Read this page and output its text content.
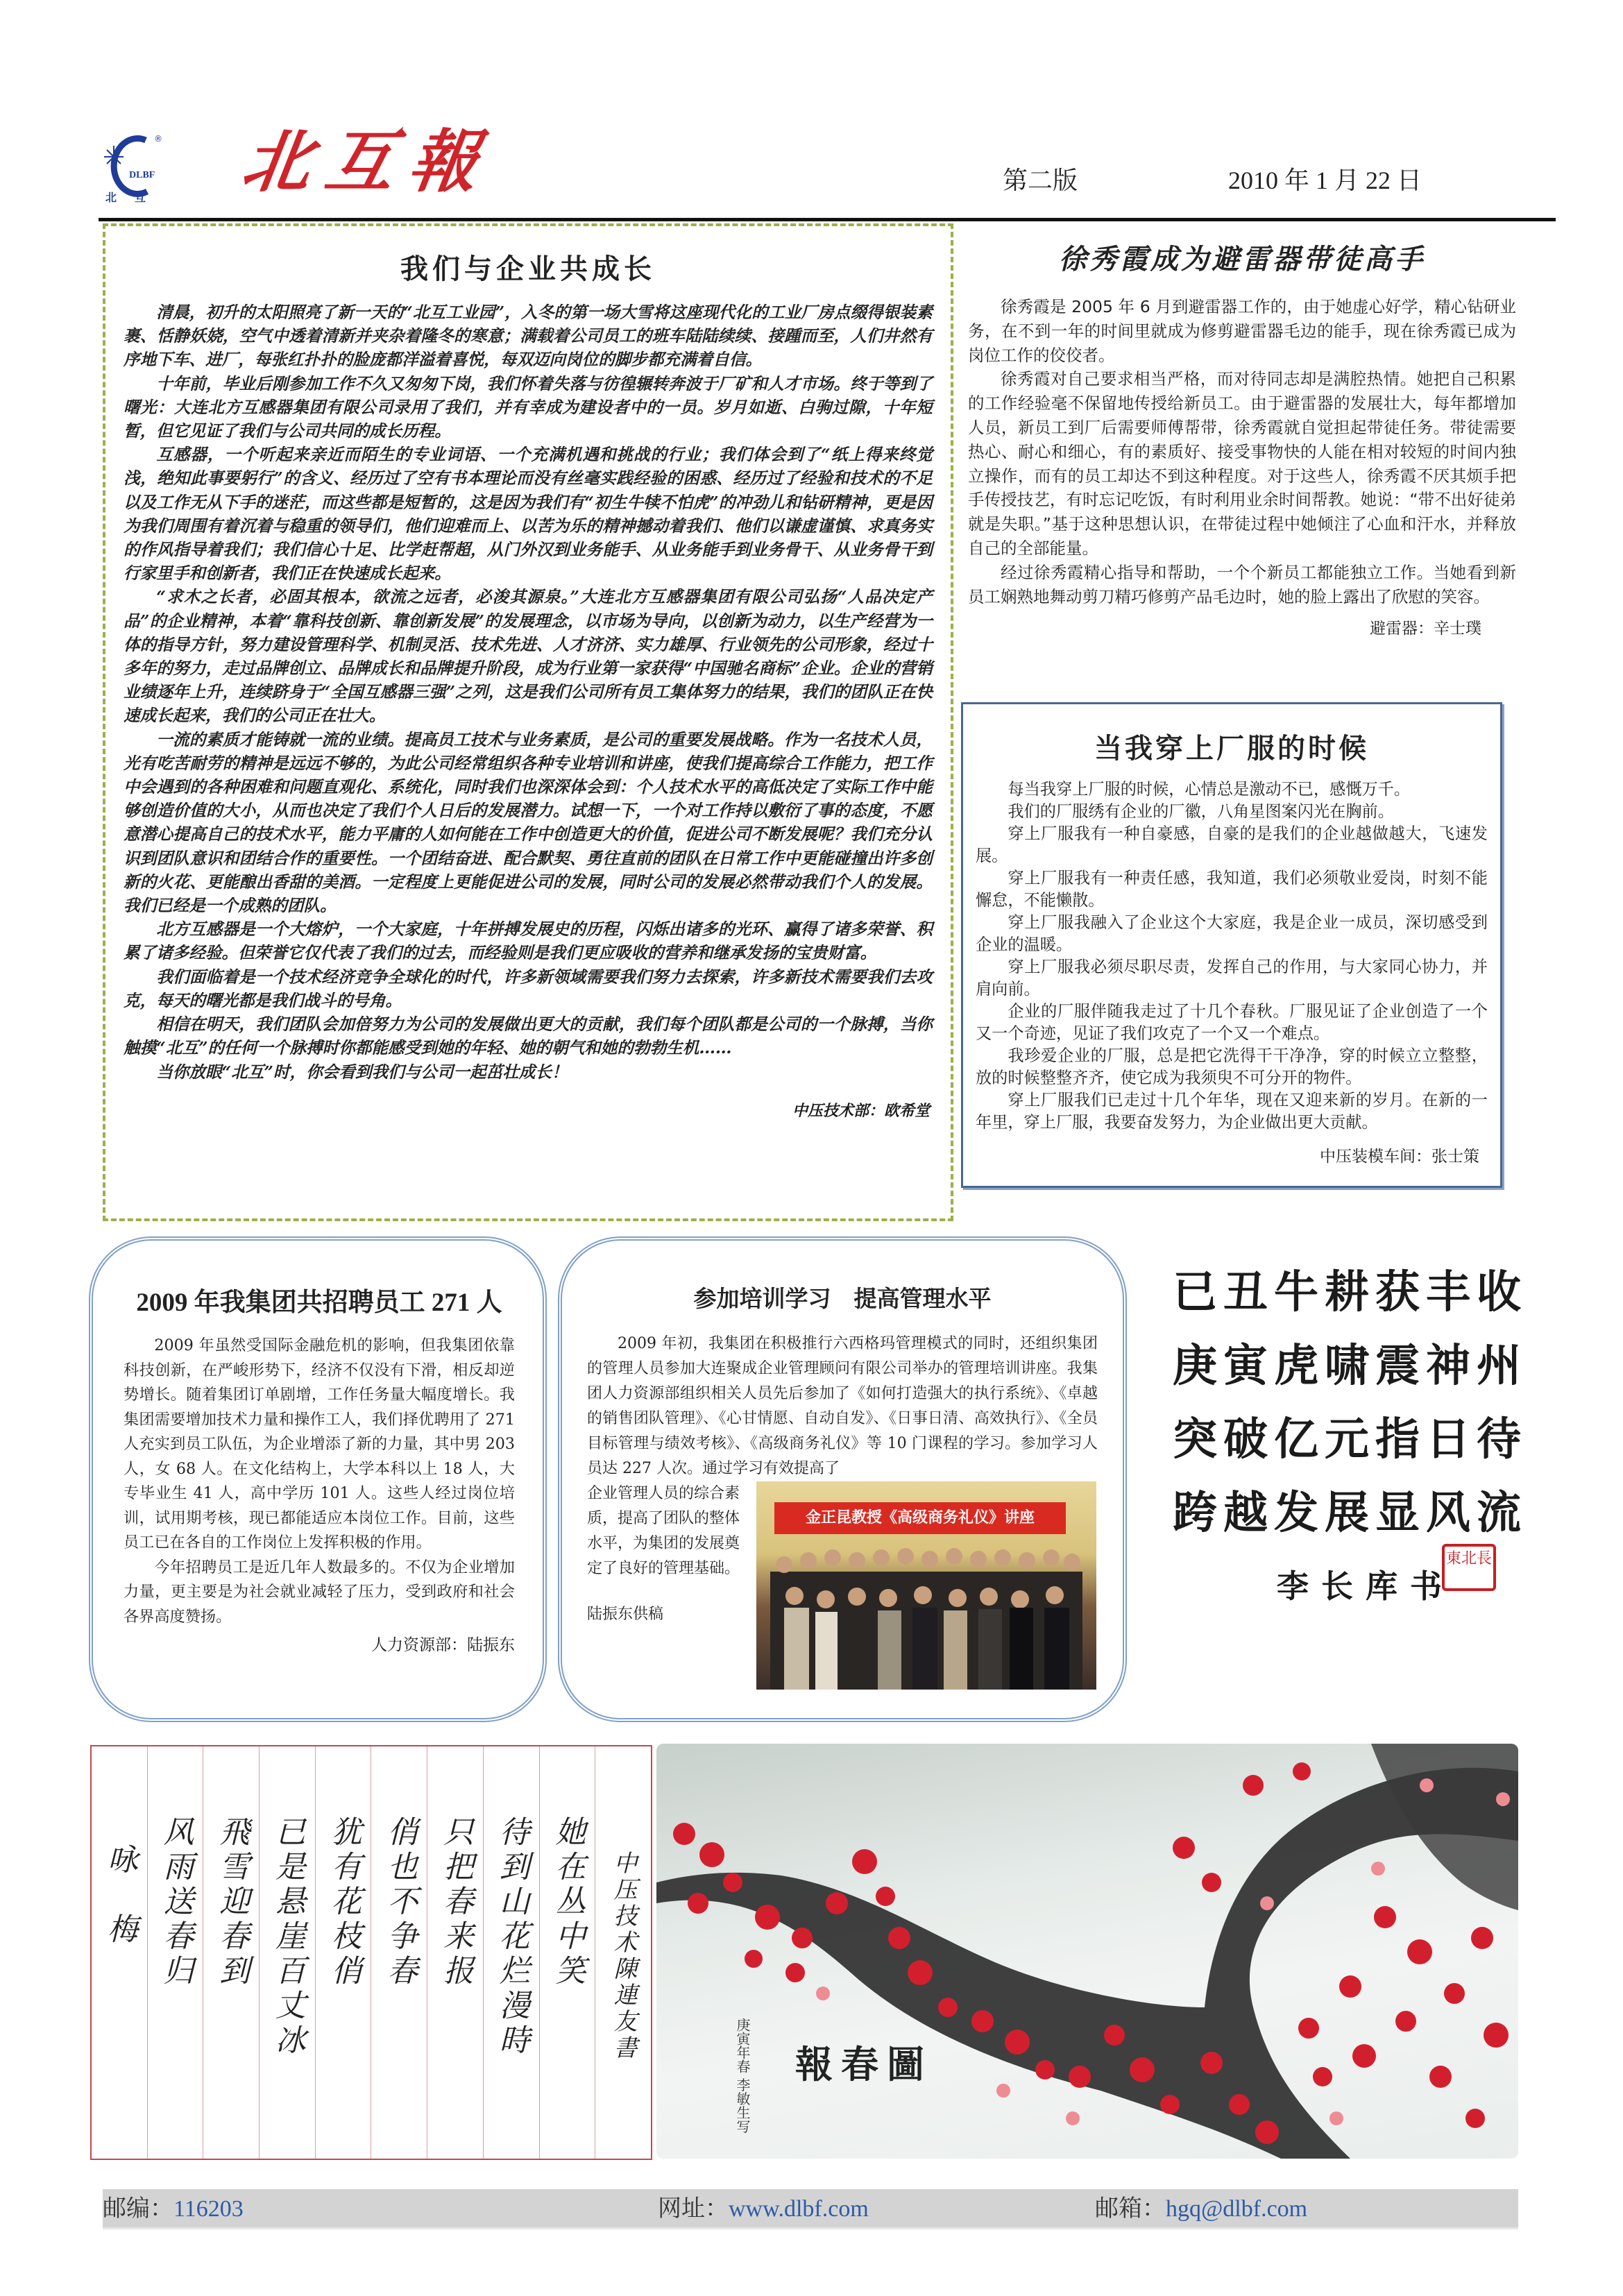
DLBF
®
北 互 北互報	第二版	2010 年 1 月 22 日
我们与企业共成长

清晨，初升的太阳照亮了新一天的“北互工业园”，入冬的第一场大雪将这座现代化的工业厂房点缀得银装素裹、恬静妖娆，空气中透着清新并夹杂着隆冬的寒意；满载着公司员工的班车陆陆续续、接踵而至，人们井然有序地下车、进厂，每张红扑扑的脸庞都洋溢着喜悦，每双迈向岗位的脚步都充满着自信。

十年前，毕业后刚参加工作不久又匆匆下岗，我们怀着失落与彷徨辗转奔波于厂矿和人才市场。终于等到了曙光：大连北方互感器集团有限公司录用了我们，并有幸成为建设者中的一员。岁月如逝、白驹过隙，十年短暂，但它见证了我们与公司共同的成长历程。

互感器，一个听起来亲近而陌生的专业词语、一个充满机遇和挑战的行业；我们体会到了“纸上得来终觉浅，绝知此事要躬行”的含义、经历过了空有书本理论而没有丝毫实践经验的困惑、经历过了经验和技术的不足以及工作无从下手的迷茫，而这些都是短暂的，这是因为我们有“初生牛犊不怕虎”的冲劲儿和钻研精神，更是因为我们周围有着沉着与稳重的领导们，他们迎难而上、以苦为乐的精神撼动着我们、他们以谦虚谨慎、求真务实的作风指导着我们；我们信心十足、比学赶帮超，从门外汉到业务能手、从业务能手到业务骨干、从业务骨干到行家里手和创新者，我们正在快速成长起来。

“求木之长者，必固其根本，欲流之远者，必浚其源泉。”大连北方互感器集团有限公司弘扬“人品决定产品”的企业精神，本着“靠科技创新、靠创新发展”的发展理念，以市场为导向，以创新为动力，以生产经营为一体的指导方针，努力建设管理科学、机制灵活、技术先进、人才济济、实力雄厚、行业领先的公司形象，经过十多年的努力，走过品牌创立、品牌成长和品牌提升阶段，成为行业第一家获得“中国驰名商标”企业。企业的营销业绩逐年上升，连续跻身于“全国互感器三强”之列，这是我们公司所有员工集体努力的结果，我们的团队正在快速成长起来，我们的公司正在壮大。

一流的素质才能铸就一流的业绩。提高员工技术与业务素质，是公司的重要发展战略。作为一名技术人员，光有吃苦耐劳的精神是远远不够的，为此公司经常组织各种专业培训和讲座，使我们提高综合工作能力，把工作中会遇到的各种困难和问题直观化、系统化，同时我们也深深体会到：个人技术水平的高低决定了实际工作中能够创造价值的大小，从而也决定了我们个人日后的发展潜力。试想一下，一个对工作持以敷衍了事的态度，不愿意潜心提高自己的技术水平，能力平庸的人如何能在工作中创造更大的价值，促进公司不断发展呢？我们充分认识到团队意识和团结合作的重要性。一个团结奋进、配合默契、勇往直前的团队在日常工作中更能碰撞出许多创新的火花、更能酿出香甜的美酒。一定程度上更能促进公司的发展，同时公司的发展必然带动我们个人的发展。我们已经是一个成熟的团队。

北方互感器是一个大熔炉，一个大家庭，十年拼搏发展史的历程，闪烁出诸多的光环、赢得了诸多荣誉、积累了诸多经验。但荣誉它仅代表了我们的过去，而经验则是我们更应吸收的营养和继承发扬的宝贵财富。

我们面临着是一个技术经济竞争全球化的时代，许多新领域需要我们努力去探索，许多新技术需要我们去攻克，每天的曙光都是我们战斗的号角。

相信在明天，我们团队会加倍努力为公司的发展做出更大的贡献，我们每个团队都是公司的一个脉搏，当你触摸“北互”的任何一个脉搏时你都能感受到她的年轻、她的朝气和她的勃勃生机……

当你放眼“北互”时，你会看到我们与公司一起茁壮成长！

中压技术部：欧希堂
徐秀霞成为避雷器带徒高手

徐秀霞是 2005 年 6 月到避雷器工作的，由于她虚心好学，精心钻研业务，在不到一年的时间里就成为修剪避雷器毛边的能手，现在徐秀霞已成为岗位工作的佼佼者。

徐秀霞对自己要求相当严格，而对待同志却是满腔热情。她把自己积累的工作经验毫不保留地传授给新员工。由于避雷器的发展壮大，每年都增加人员，新员工到厂后需要师傅帮带，徐秀霞就自觉担起带徒任务。带徒需要热心、耐心和细心，有的素质好、接受事物快的人能在相对较短的时间内独立操作，而有的员工却达不到这种程度。对于这些人，徐秀霞不厌其烦手把手传授技艺，有时忘记吃饭，有时利用业余时间帮教。她说：“带不出好徒弟就是失职。”基于这种思想认识，在带徒过程中她倾注了心血和汗水，并释放自己的全部能量。

经过徐秀霞精心指导和帮助，一个个新员工都能独立工作。当她看到新员工娴熟地舞动剪刀精巧修剪产品毛边时，她的脸上露出了欣慰的笑容。

避雷器：辛士璞
当我穿上厂服的时候

每当我穿上厂服的时候，心情总是激动不已，感慨万千。

我们的厂服绣有企业的厂徽，八角星图案闪光在胸前。

穿上厂服我有一种自豪感，自豪的是我们的企业越做越大，飞速发展。

穿上厂服我有一种责任感，我知道，我们必须敬业爱岗，时刻不能懈怠，不能懒散。

穿上厂服我融入了企业这个大家庭，我是企业一成员，深切感受到企业的温暖。

穿上厂服我必须尽职尽责，发挥自己的作用，与大家同心协力，并肩向前。

企业的厂服伴随我走过了十几个春秋。厂服见证了企业创造了一个又一个奇迹，见证了我们攻克了一个又一个难点。

我珍爱企业的厂服，总是把它洗得干干净净，穿的时候立立整整，放的时候整整齐齐，使它成为我须臾不可分开的物件。

穿上厂服我们已走过十几个年华，现在又迎来新的岁月。在新的一年里，穿上厂服，我要奋发努力，为企业做出更大贡献。

中压装模车间：张士策
2009 年我集团共招聘员工 271 人

2009 年虽然受国际金融危机的影响，但我集团依靠科技创新，在严峻形势下，经济不仅没有下滑，相反却逆势增长。随着集团订单剧增，工作任务量大幅度增长。我集团需要增加技术力量和操作工人，我们择优聘用了 271 人充实到员工队伍，为企业增添了新的力量，其中男 203 人，女 68 人。在文化结构上，大学本科以上 18 人，大专毕业生 41 人，高中学历 101 人。这些人经过岗位培训，试用期考核，现已都能适应本岗位工作。目前，这些员工已在各自的工作岗位上发挥积极的作用。

今年招聘员工是近几年人数最多的。不仅为企业增加力量，更主要是为社会就业减轻了压力，受到政府和社会各界高度赞扬。

人力资源部：陆振东
参加培训学习　提高管理水平

2009 年初，我集团在积极推行六西格玛管理模式的同时，还组织集团的管理人员参加大连聚成企业管理顾问有限公司举办的管理培训讲座。我集团人力资源部组织相关人员先后参加了《如何打造强大的执行系统》、《卓越的销售团队管理》、《心甘情愿、自动自发》、《日事日清、高效执行》、《全员目标管理与绩效考核》、《高级商务礼仪》等 10 门课程的学习。参加学习人员达 227 人次。通过学习有效提高了

企业管理人员的综合素质，提高了团队的整体水平，为集团的发展奠定了良好的管理基础。
陆振东供稿
金正昆教授《高级商务礼仪》讲座
已丑牛耕获丰收
庚寅虎啸震神州
突破亿元指日待
跨越发展显风流
李长库书
東北長
中压技术陳連友書
她在丛中笑
待到山花烂漫時
只把春来报
俏也不争春
犹有花枝俏
已是悬崖百丈冰
飛雪迎春到
风雨送春归
咏梅
報春圖
庚寅年春 李敏生写
邮编：116203	网址：www.dlbf.com	邮箱：hgq@dlbf.com
